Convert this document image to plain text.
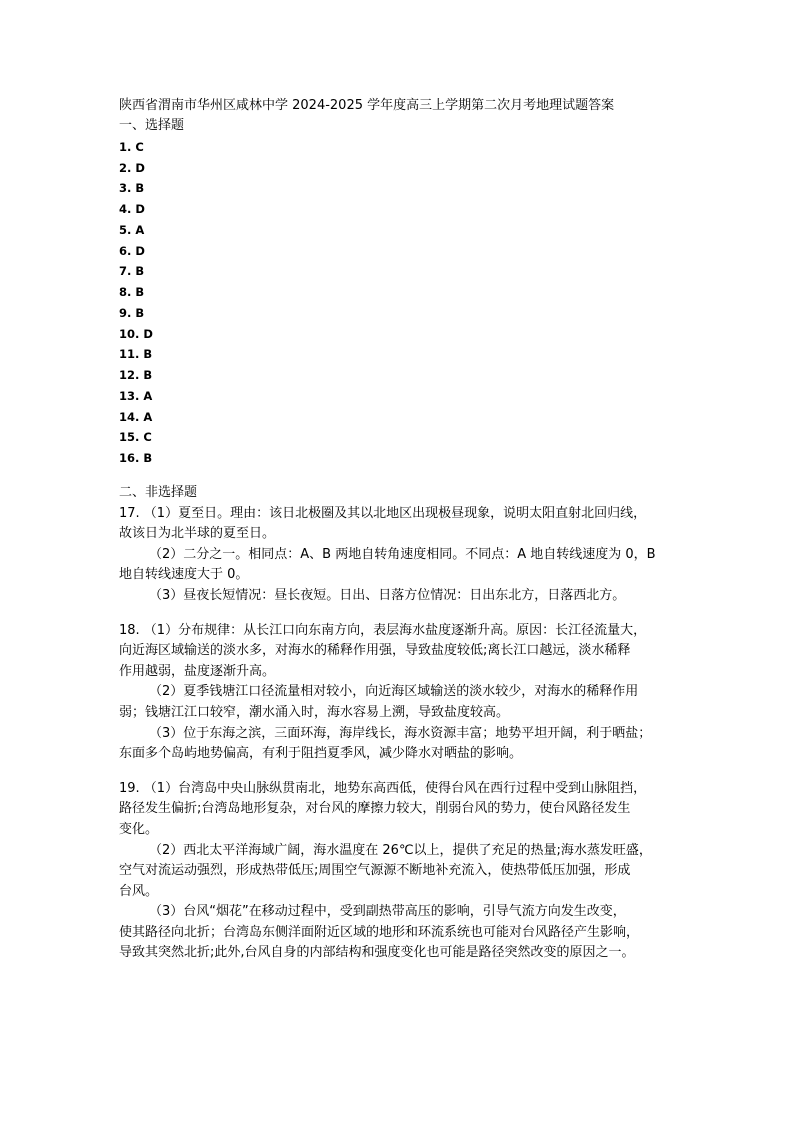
陕西省渭南市华州区咸林中学 2024-2025 学年度高三上学期第二次月考地理试题答案
一、选择题
1. C
2. D
3. B
4. D
5. A
6. D
7. B
8. B
9. B
10. D
11. B
12. B
13. A
14. A
15. C
16. B
二、非选择题
17. （1）夏至日。理由：该日北极圈及其以北地区出现极昼现象，说明太阳直射北回归线，
故该日为北半球的夏至日。
（2）二分之一。相同点：A、B 两地自转角速度相同。不同点：A 地自转线速度为 0，B
地自转线速度大于 0。
（3）昼夜长短情况：昼长夜短。日出、日落方位情况：日出东北方，日落西北方。
18. （1）分布规律：从长江口向东南方向，表层海水盐度逐渐升高。原因：长江径流量大，
向近海区域输送的淡水多，对海水的稀释作用强，导致盐度较低;离长江口越远，淡水稀释
作用越弱，盐度逐渐升高。
（2）夏季钱塘江口径流量相对较小，向近海区域输送的淡水较少，对海水的稀释作用
弱；钱塘江江口较窄，潮水涌入时，海水容易上溯，导致盐度较高。
（3）位于东海之滨，三面环海，海岸线长，海水资源丰富；地势平坦开阔，利于晒盐；
东面多个岛屿地势偏高，有利于阻挡夏季风，减少降水对晒盐的影响。
19. （1）台湾岛中央山脉纵贯南北，地势东高西低，使得台风在西行过程中受到山脉阻挡，
路径发生偏折;台湾岛地形复杂，对台风的摩擦力较大，削弱台风的势力，使台风路径发生
变化。
（2）西北太平洋海域广阔，海水温度在 26℃以上，提供了充足的热量;海水蒸发旺盛，
空气对流运动强烈，形成热带低压;周围空气源源不断地补充流入，使热带低压加强，形成
台风。
（3）台风“烟花”在移动过程中，受到副热带高压的影响，引导气流方向发生改变，
使其路径向北折；台湾岛东侧洋面附近区域的地形和环流系统也可能对台风路径产生影响，
导致其突然北折;此外,台风自身的内部结构和强度变化也可能是路径突然改变的原因之一。
